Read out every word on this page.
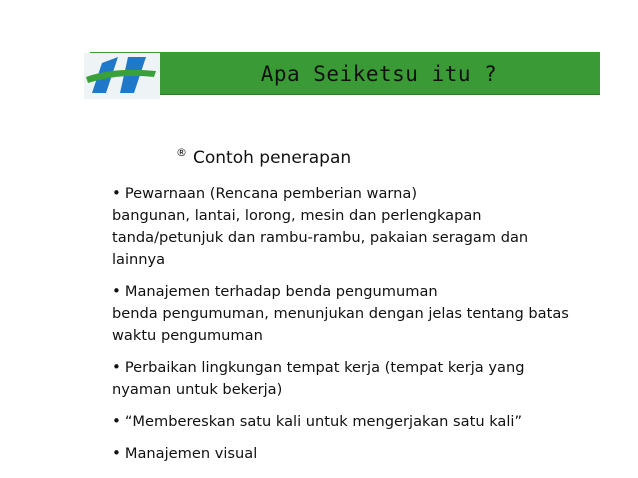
Apa Seiketsu itu ?
® Contoh penerapan
• Pewarnaan (Rencana pemberian warna)
bangunan, lantai, lorong, mesin dan perlengkapan
tanda/petunjuk dan rambu-rambu, pakaian seragam dan
lainnya
• Manajemen terhadap benda pengumuman
benda pengumuman, menunjukan dengan jelas tentang batas
waktu pengumuman
• Perbaikan lingkungan tempat kerja (tempat kerja yang
nyaman untuk bekerja)
• “Membereskan satu kali untuk mengerjakan satu kali”
• Manajemen visual
